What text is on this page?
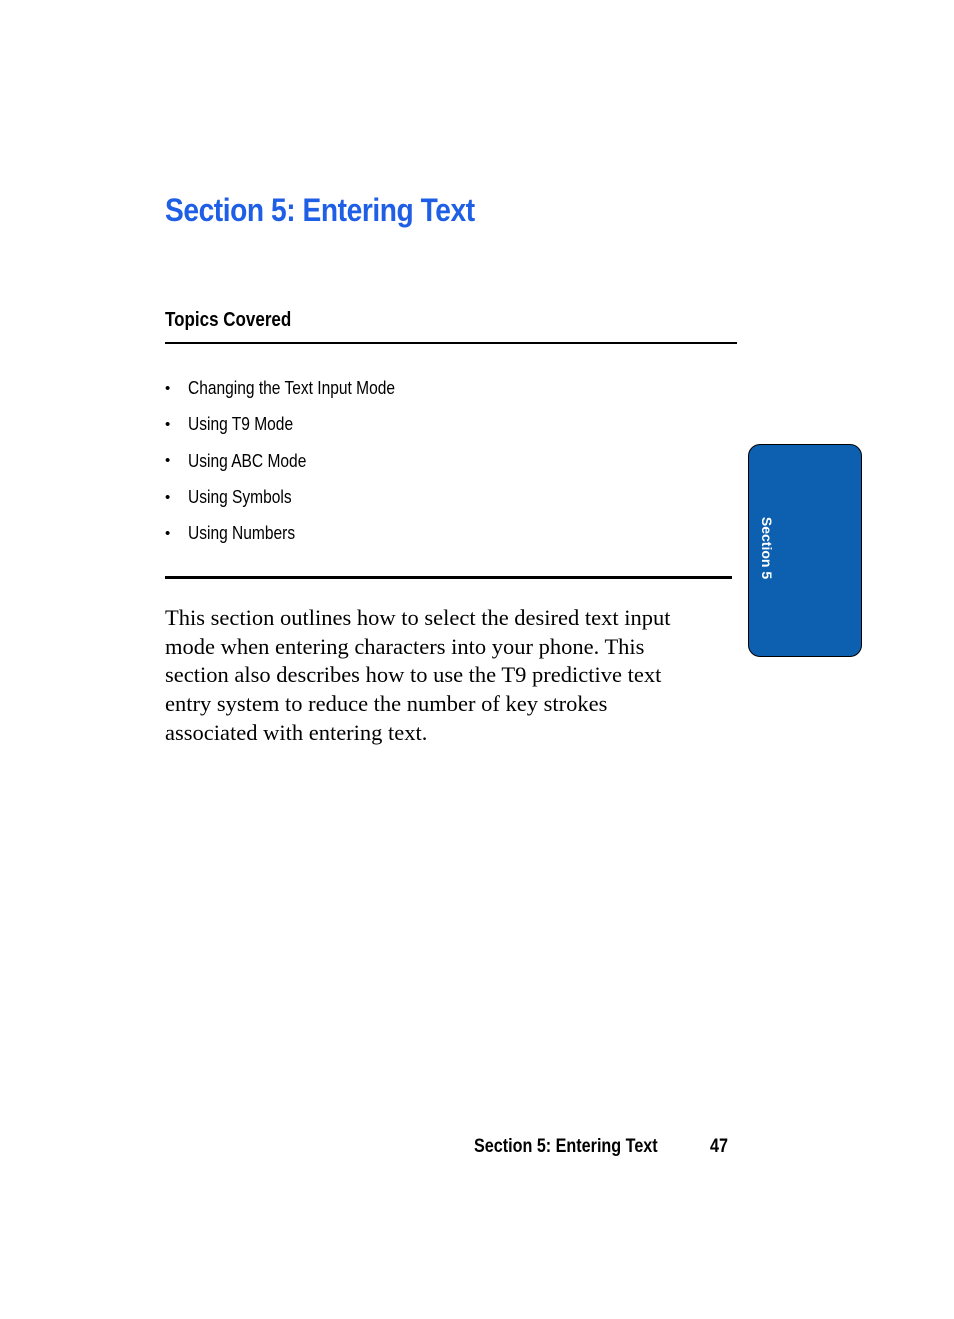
Section 5: Entering Text
Topics Covered
• Changing the Text Input Mode
• Using T9 Mode
• Using ABC Mode
• Using Symbols
• Using Numbers

This section outlines how to select the desired text input
mode when entering characters into your phone. This
section also describes how to use the T9 predictive text
entry system to reduce the number of key strokes
associated with entering text.

Section 5
Section 5: Entering Text	47
